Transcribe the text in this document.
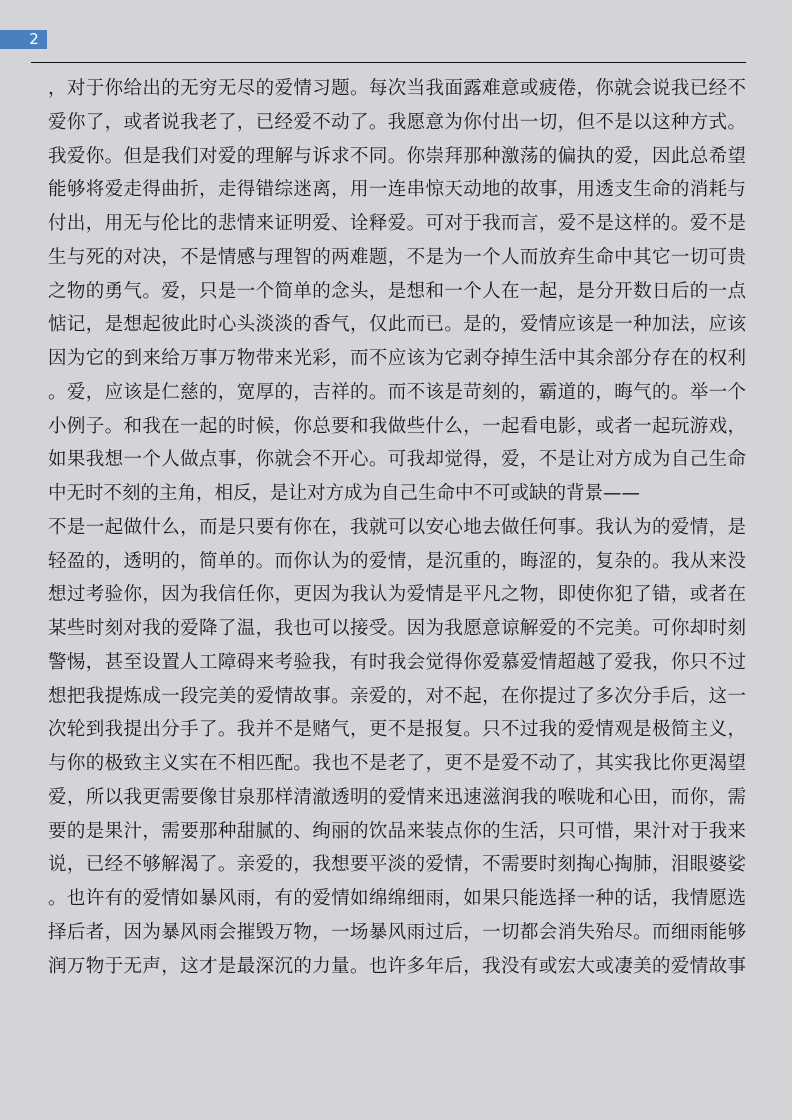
2
，对于你给出的无穷无尽的爱情习题。每次当我面露难意或疲倦，你就会说我已经不
爱你了，或者说我老了，已经爱不动了。我愿意为你付出一切，但不是以这种方式。
我爱你。但是我们对爱的理解与诉求不同。你崇拜那种激荡的偏执的爱，因此总希望
能够将爱走得曲折，走得错综迷离，用一连串惊天动地的故事，用透支生命的消耗与
付出，用无与伦比的悲情来证明爱、诠释爱。可对于我而言，爱不是这样的。爱不是
生与死的对决，不是情感与理智的两难题，不是为一个人而放弃生命中其它一切可贵
之物的勇气。爱，只是一个简单的念头，是想和一个人在一起，是分开数日后的一点
惦记，是想起彼此时心头淡淡的香气，仅此而已。是的，爱情应该是一种加法，应该
因为它的到来给万事万物带来光彩，而不应该为它剥夺掉生活中其余部分存在的权利
。爱，应该是仁慈的，宽厚的，吉祥的。而不该是苛刻的，霸道的，晦气的。举一个
小例子。和我在一起的时候，你总要和我做些什么，一起看电影，或者一起玩游戏，
如果我想一个人做点事，你就会不开心。可我却觉得，爱，不是让对方成为自己生命
中无时不刻的主角，相反，是让对方成为自己生命中不可或缺的背景——
不是一起做什么，而是只要有你在，我就可以安心地去做任何事。我认为的爱情，是
轻盈的，透明的，简单的。而你认为的爱情，是沉重的，晦涩的，复杂的。我从来没
想过考验你，因为我信任你，更因为我认为爱情是平凡之物，即使你犯了错，或者在
某些时刻对我的爱降了温，我也可以接受。因为我愿意谅解爱的不完美。可你却时刻
警惕，甚至设置人工障碍来考验我，有时我会觉得你爱慕爱情超越了爱我，你只不过
想把我提炼成一段完美的爱情故事。亲爱的，对不起，在你提过了多次分手后，这一
次轮到我提出分手了。我并不是赌气，更不是报复。只不过我的爱情观是极简主义，
与你的极致主义实在不相匹配。我也不是老了，更不是爱不动了，其实我比你更渴望
爱，所以我更需要像甘泉那样清澈透明的爱情来迅速滋润我的喉咙和心田，而你，需
要的是果汁，需要那种甜腻的、绚丽的饮品来装点你的生活，只可惜，果汁对于我来
说，已经不够解渴了。亲爱的，我想要平淡的爱情，不需要时刻掏心掏肺，泪眼婆娑
。也许有的爱情如暴风雨，有的爱情如绵绵细雨，如果只能选择一种的话，我情愿选
择后者，因为暴风雨会摧毁万物，一场暴风雨过后，一切都会消失殆尽。而细雨能够
润万物于无声，这才是最深沉的力量。也许多年后，我没有或宏大或凄美的爱情故事
